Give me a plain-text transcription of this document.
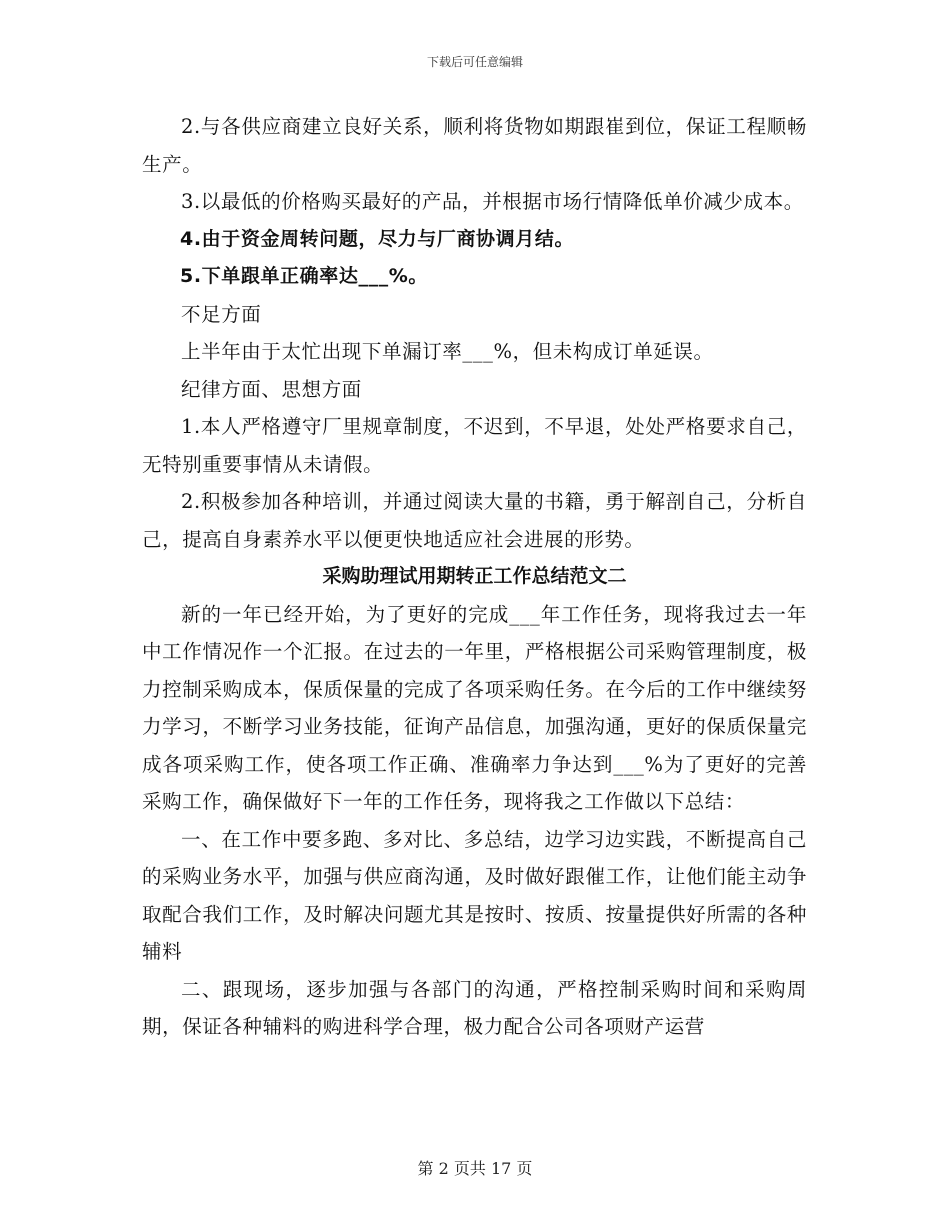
下载后可任意编辑

2.与各供应商建立良好关系，顺利将货物如期跟崔到位，保证工程顺畅生产。

3.以最低的价格购买最好的产品，并根据市场行情降低单价减少成本。

4.由于资金周转问题，尽力与厂商协调月结。

5.下单跟单正确率达___%。

不足方面

上半年由于太忙出现下单漏订率___%，但未构成订单延误。

纪律方面、思想方面

1.本人严格遵守厂里规章制度，不迟到，不早退，处处严格要求自己，无特别重要事情从未请假。

2.积极参加各种培训，并通过阅读大量的书籍，勇于解剖自己，分析自己，提高自身素养水平以便更快地适应社会进展的形势。

采购助理试用期转正工作总结范文二

新的一年已经开始，为了更好的完成___年工作任务，现将我过去一年中工作情况作一个汇报。在过去的一年里，严格根据公司采购管理制度，极力控制采购成本，保质保量的完成了各项采购任务。在今后的工作中继续努力学习，不断学习业务技能，征询产品信息，加强沟通，更好的保质保量完成各项采购工作，使各项工作正确、准确率力争达到___%为了更好的完善采购工作，确保做好下一年的工作任务，现将我之工作做以下总结：

一、在工作中要多跑、多对比、多总结，边学习边实践，不断提高自己的采购业务水平，加强与供应商沟通，及时做好跟催工作，让他们能主动争取配合我们工作，及时解决问题尤其是按时、按质、按量提供好所需的各种辅料

二、跟现场，逐步加强与各部门的沟通，严格控制采购时间和采购周期，保证各种辅料的购进科学合理，极力配合公司各项财产运营

第 2 页共 17 页
